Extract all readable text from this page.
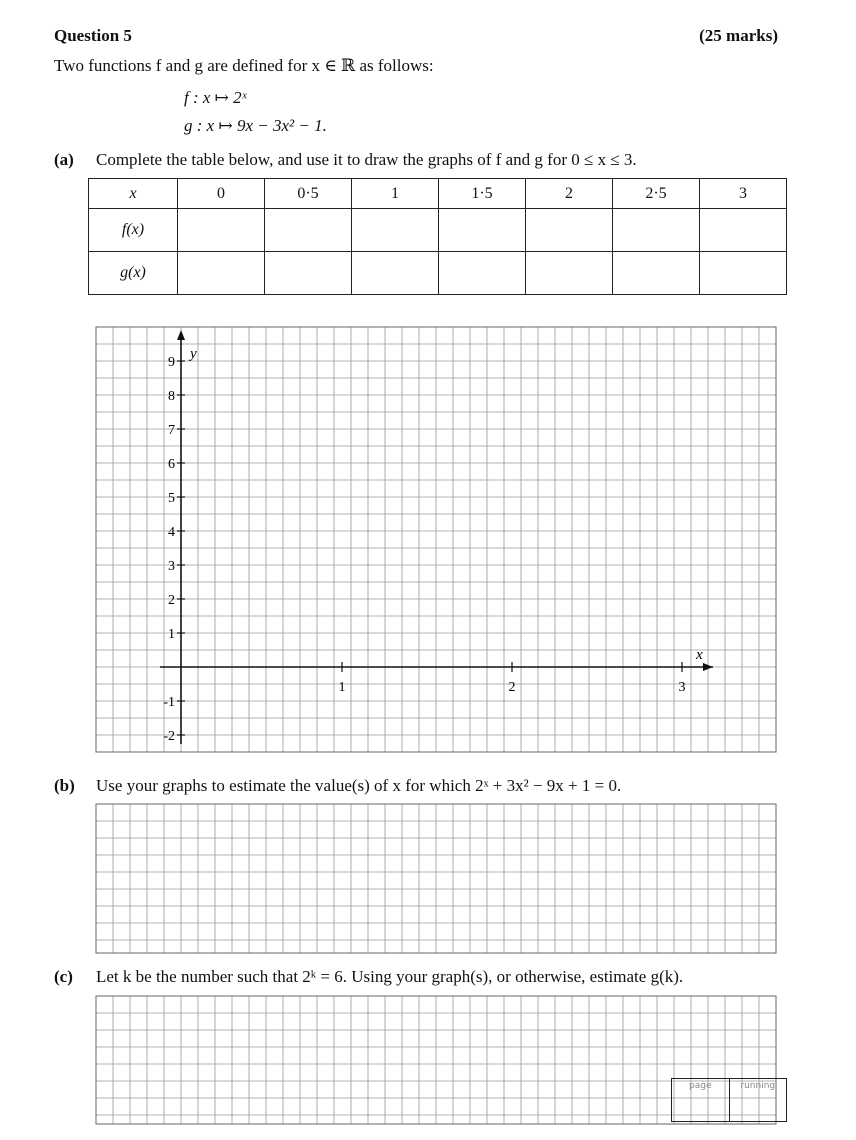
Question 5	(25 marks)
Two functions f and g are defined for x ∈ ℝ as follows:
f : x ↦ 2ˣ
g : x ↦ 9x − 3x² − 1.
(a) Complete the table below, and use it to draw the graphs of f and g for 0 ≤ x ≤ 3.
x	0	0·5	1	1·5	2	2·5	3
f(x)							
g(x)							
9
8
7
6
5
4
3
2
1
-1
-2
1	2	3
x
y
(b) Use your graphs to estimate the value(s) of x for which 2ˣ + 3x² − 9x + 1 = 0.
(c) Let k be the number such that 2ᵏ = 6. Using your graph(s), or otherwise, estimate g(k).
page	running
